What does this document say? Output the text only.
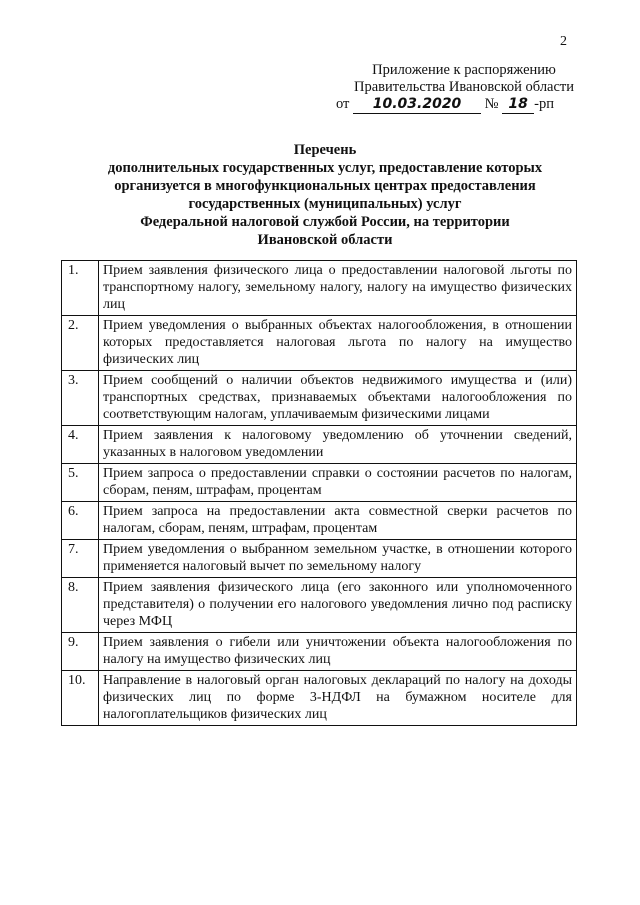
2
Приложение к распоряжению
Правительства Ивановской области
от 10.03.2020 № 18 -рп
Перечень
дополнительных государственных услуг, предоставление которых
организуется в многофункциональных центрах предоставления
государственных (муниципальных) услуг
Федеральной налоговой службой России, на территории
Ивановской области
1.	Прием заявления физического лица о предоставлении налоговой льготы по транспортному налогу, земельному налогу, налогу на имущество физических лиц
2.	Прием уведомления о выбранных объектах налогообложения, в отношении которых предоставляется налоговая льгота по налогу на имущество физических лиц
3.	Прием сообщений о наличии объектов недвижимого имущества и (или) транспортных средствах, признаваемых объектами налогообложения по соответствующим налогам, уплачиваемым физическими лицами
4.	Прием заявления к налоговому уведомлению об уточнении сведений, указанных в налоговом уведомлении
5.	Прием запроса о предоставлении справки о состоянии расчетов по налогам, сборам, пеням, штрафам, процентам
6.	Прием запроса на предоставлении акта совместной сверки расчетов по налогам, сборам, пеням, штрафам, процентам
7.	Прием уведомления о выбранном земельном участке, в отношении которого применяется налоговый вычет по земельному налогу
8.	Прием заявления физического лица (его законного или уполномоченного представителя) о получении его налогового уведомления лично под расписку через МФЦ
9.	Прием заявления о гибели или уничтожении объекта налогообложения по налогу на имущество физических лиц
10.	Направление в налоговый орган налоговых деклараций по налогу на доходы физических лиц по форме 3-НДФЛ на бумажном носителе для налогоплательщиков физических лиц
